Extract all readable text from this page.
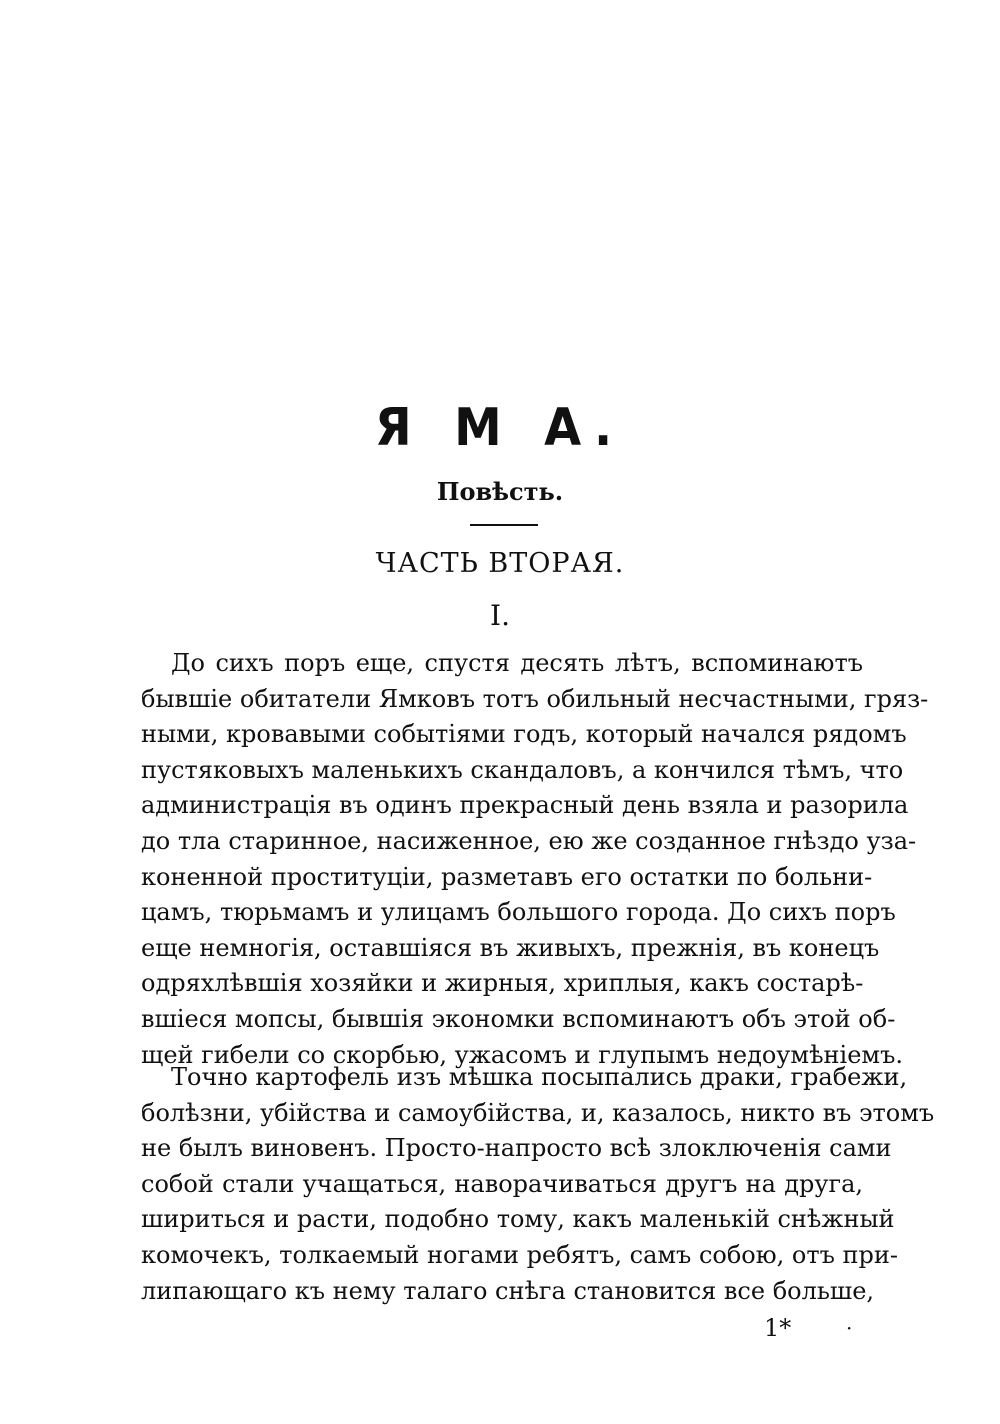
Я М А.
Повѣсть.
ЧАСТЬ ВТОРАЯ.
I.
До сихъ поръ еще, спустя десять лѣтъ, вспоминаютъ
бывшіе обитатели Ямковъ тотъ обильный несчастными, гряз-
ными, кровавыми событіями годъ, который начался рядомъ
пустяковыхъ маленькихъ скандаловъ, а кончился тѣмъ, что
администрація въ одинъ прекрасный день взяла и разорила
до тла старинное, насиженное, ею же созданное гнѣздо уза-
коненной проституціи, разметавъ его остатки по больни-
цамъ, тюрьмамъ и улицамъ большого города. До сихъ поръ
еще немногія, оставшіяся въ живыхъ, прежнія, въ конецъ
одряхлѣвшія хозяйки и жирныя, хриплыя, какъ состарѣ-
вшіеся мопсы, бывшія экономки вспоминаютъ объ этой об-
щей гибели со скорбью, ужасомъ и глупымъ недоумѣніемъ.
Точно картофель изъ мѣшка посыпались драки, грабежи,
болѣзни, убійства и самоубійства, и, казалось, никто въ этомъ
не былъ виновенъ. Просто-напросто всѣ злоключенія сами
собой стали учащаться, наворачиваться другъ на друга,
шириться и расти, подобно тому, какъ маленькій снѣжный
комочекъ, толкаемый ногами ребятъ, самъ собою, отъ при-
липающаго къ нему талаго снѣга становится все больше,
1*	·
